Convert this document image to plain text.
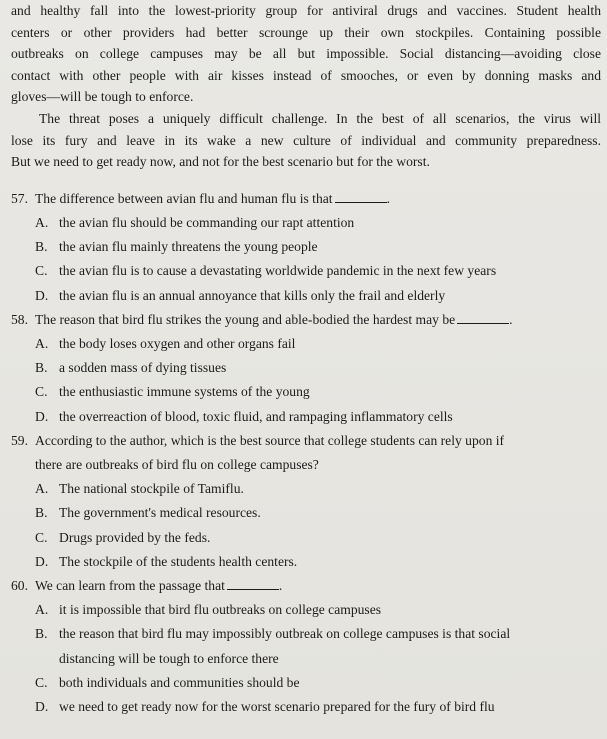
and healthy fall into the lowest-priority group for antiviral drugs and vaccines. Student health
centers or other providers had better scrounge up their own stockpiles. Containing possible
outbreaks on college campuses may be all but impossible. Social distancing—avoiding close
contact with other people with air kisses instead of smooches, or even by donning masks and
gloves—will be tough to enforce.
The threat poses a uniquely difficult challenge. In the best of all scenarios, the virus will
lose its fury and leave in its wake a new culture of individual and community preparedness.
But we need to get ready now, and not for the best scenario but for the worst.
57. The difference between avian flu and human flu is that	.
A. the avian flu should be commanding our rapt attention
B. the avian flu mainly threatens the young people
C. the avian flu is to cause a devastating worldwide pandemic in the next few years
D. the avian flu is an annual annoyance that kills only the frail and elderly
58. The reason that bird flu strikes the young and able-bodied the hardest may be	.
A. the body loses oxygen and other organs fail
B. a sodden mass of dying tissues
C. the enthusiastic immune systems of the young
D. the overreaction of blood, toxic fluid, and rampaging inflammatory cells
59. According to the author, which is the best source that college students can rely upon if
there are outbreaks of bird flu on college campuses?
A. The national stockpile of Tamiflu.
B. The government's medical resources.
C. Drugs provided by the feds.
D. The stockpile of the students health centers.
60. We can learn from the passage that	.
A. it is impossible that bird flu outbreaks on college campuses
B. the reason that bird flu may impossibly outbreak on college campuses is that social
distancing will be tough to enforce there
C. both individuals and communities should be
D. we need to get ready now for the worst scenario prepared for the fury of bird flu
